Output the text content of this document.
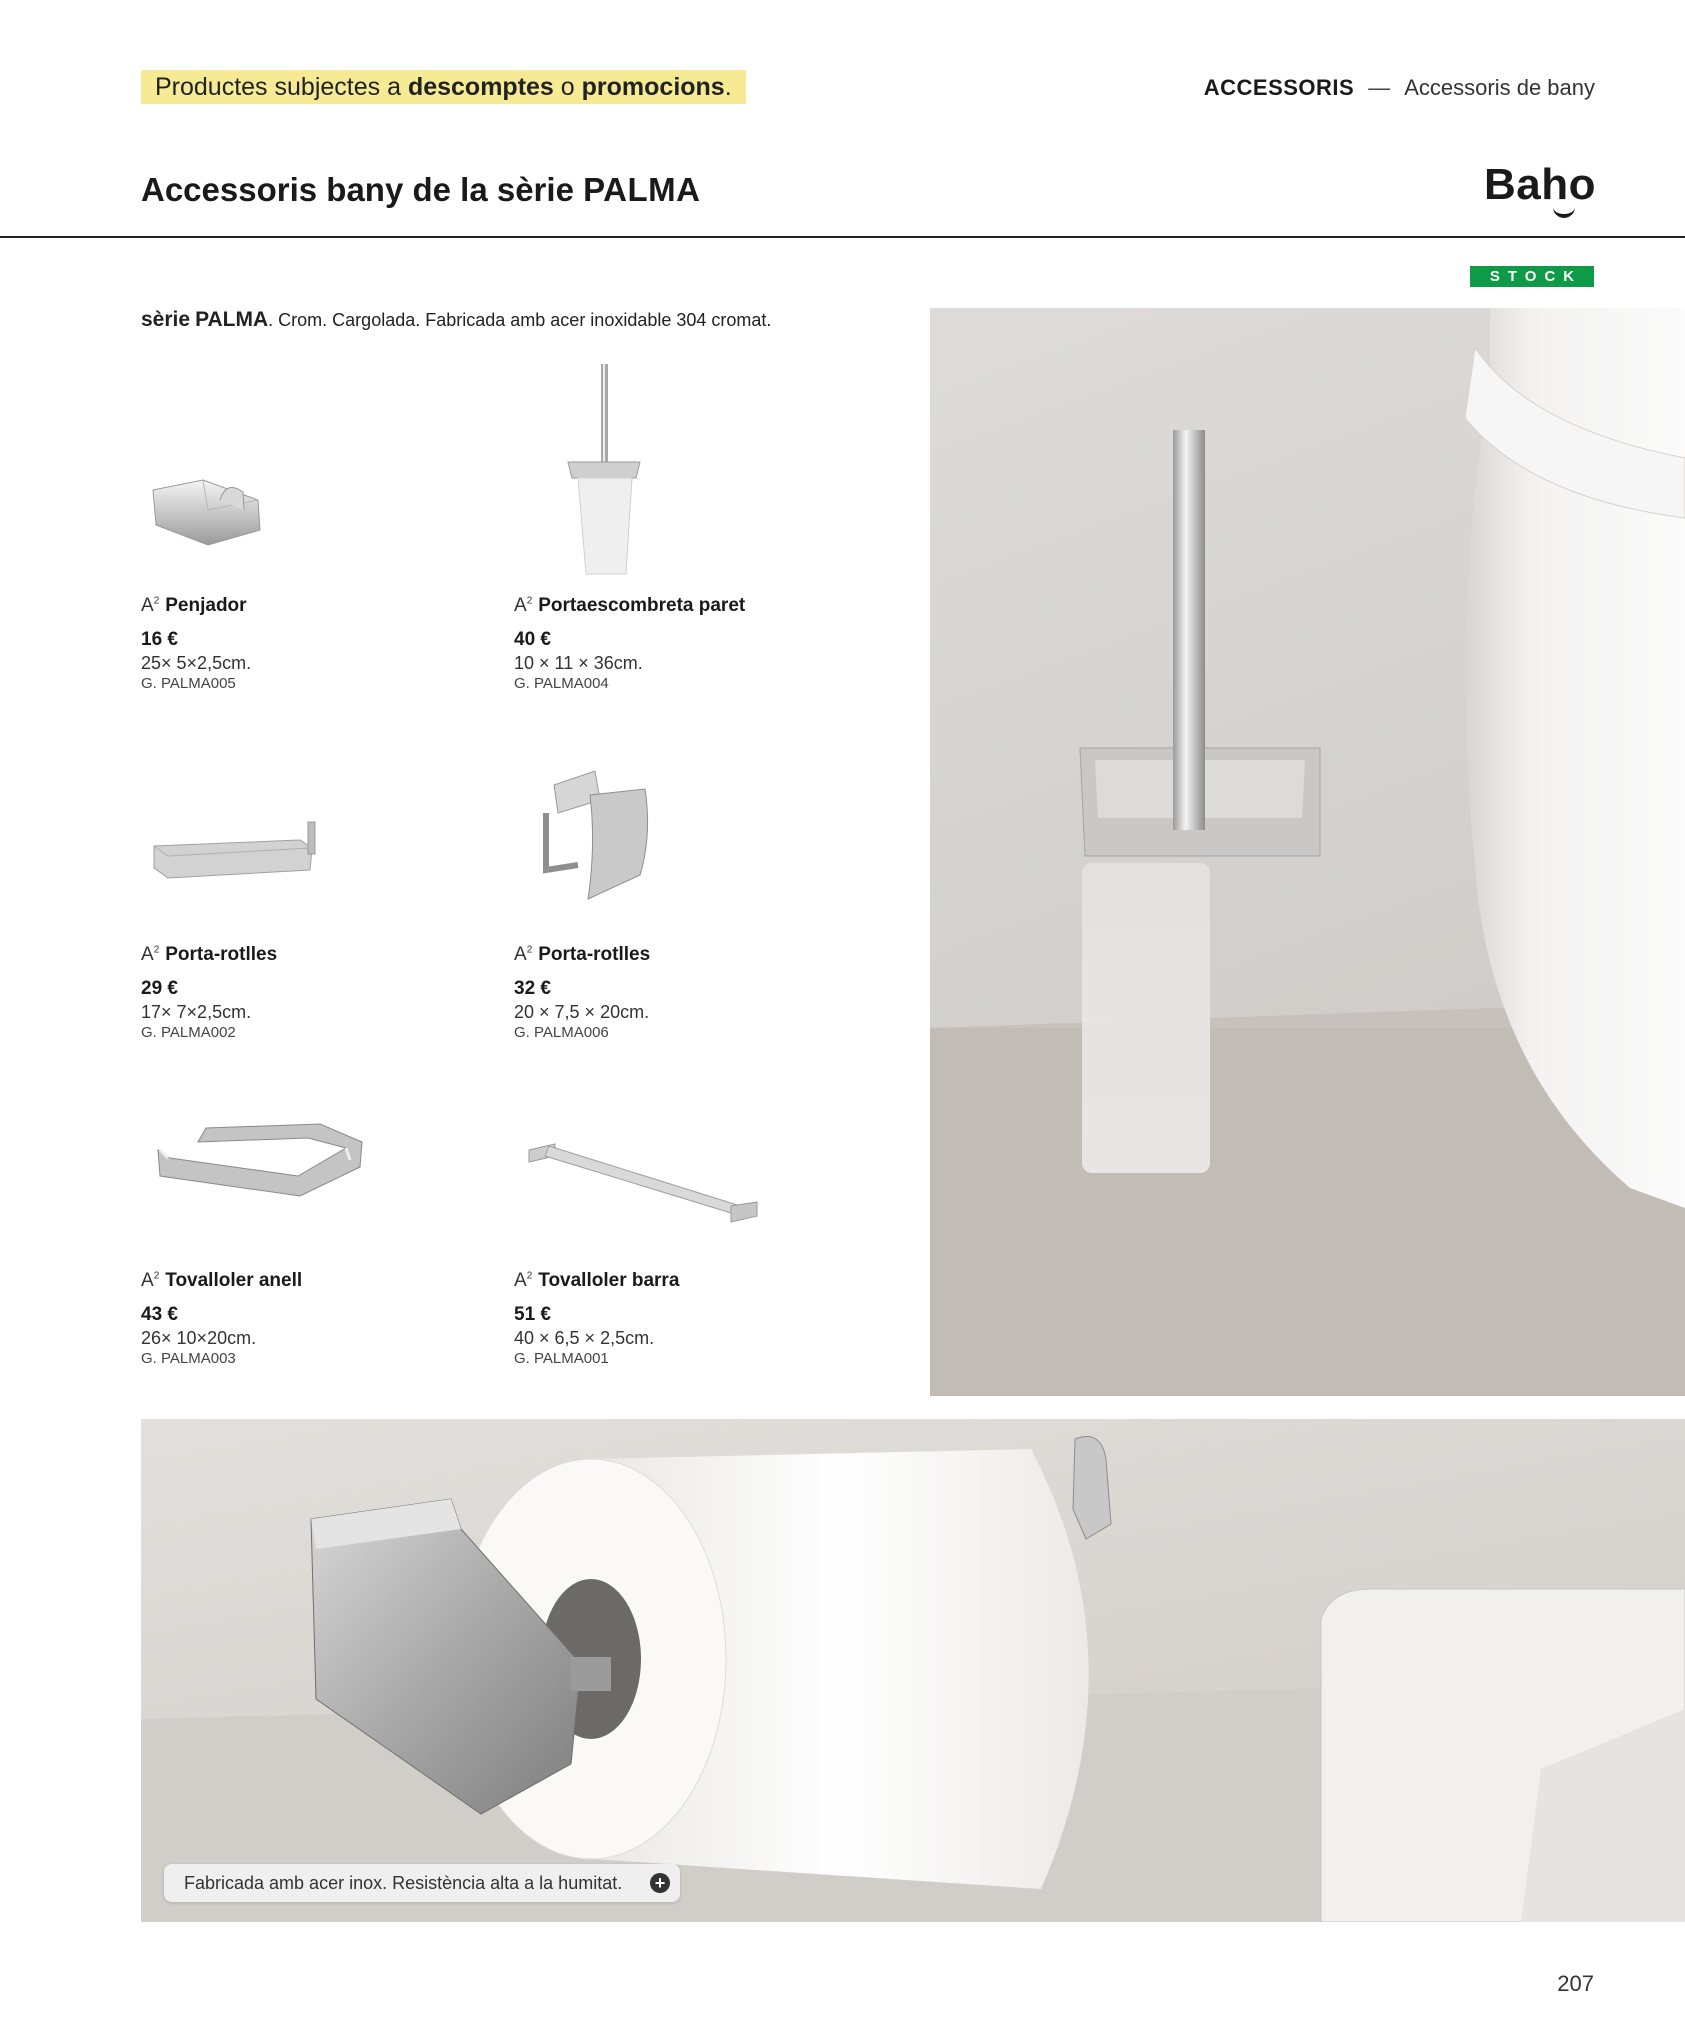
Productes subjectes a descomptes o promocions.	ACCESSORIS — Accessoris de bany
Accessoris bany de la sèrie PALMA	Baho
STOCK
sèrie PALMA. Crom. Cargolada. Fabricada amb acer inoxidable 304 cromat.
$A^2$ Penjador
16 €
25× 5×2,5cm.
G. PALMA005
$A^2$ Portaescombreta paret
40 €
10 × 11 × 36cm.
G. PALMA004
$A^2$ Porta-rotlles
29 €
17× 7×2,5cm.
G. PALMA002
$A^2$ Porta-rotlles
32 €
20 × 7,5 × 20cm.
G. PALMA006
$A^2$ Tovalloler anell
43 €
26× 10×20cm.
G. PALMA003
$A^2$ Tovalloler barra
51 €
40 × 6,5 × 2,5cm.
G. PALMA001
Fabricada amb acer inox. Resistència alta a la humitat. +
207
